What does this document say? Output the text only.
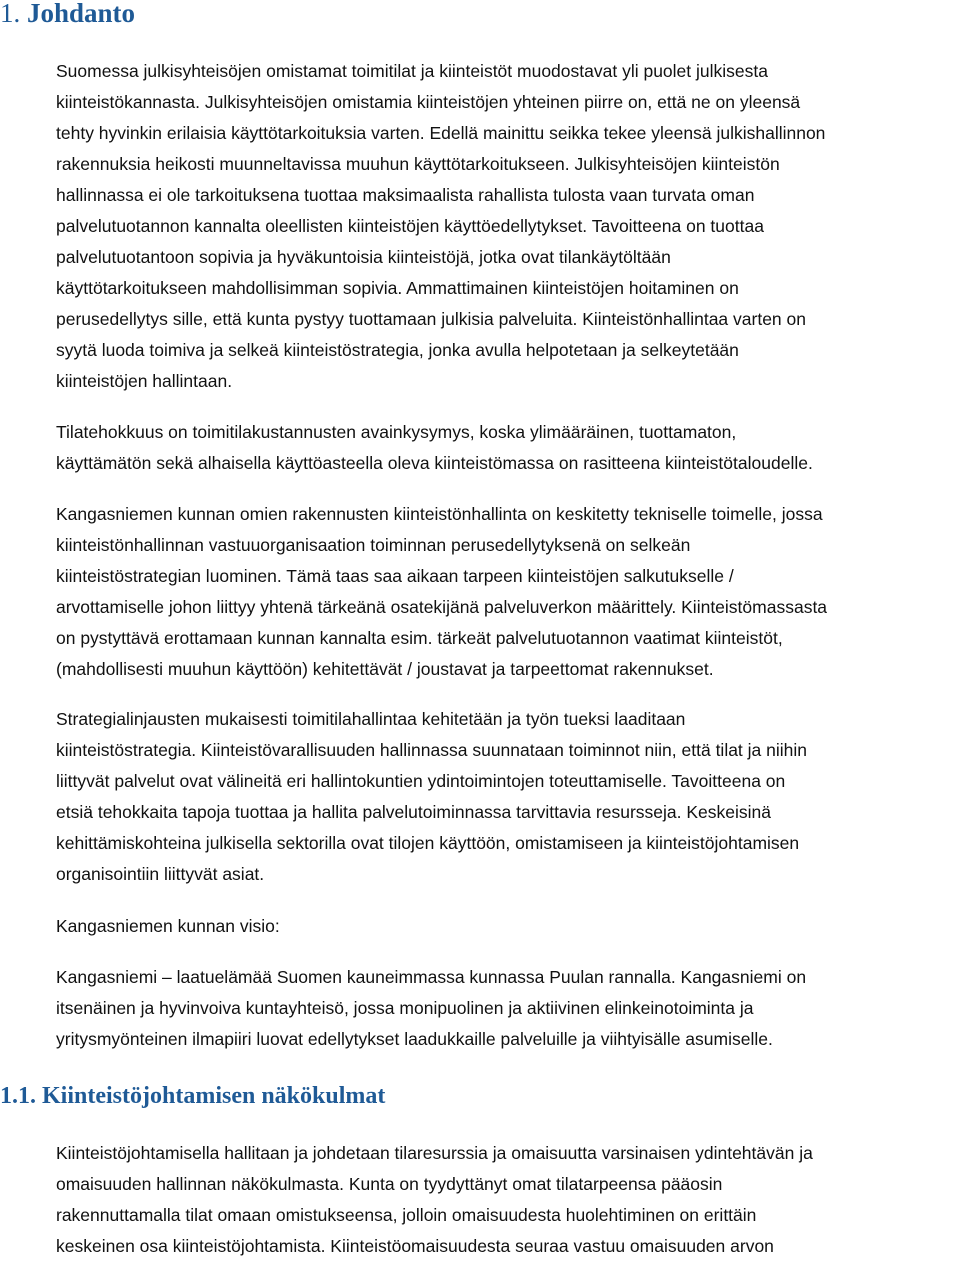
1. Johdanto
Suomessa julkisyhteisöjen omistamat toimitilat ja kiinteistöt muodostavat yli puolet julkisesta
kiinteistökannasta. Julkisyhteisöjen omistamia kiinteistöjen yhteinen piirre on, että ne on yleensä
tehty hyvinkin erilaisia käyttötarkoituksia varten. Edellä mainittu seikka tekee yleensä julkishallinnon
rakennuksia heikosti muunneltavissa muuhun käyttötarkoitukseen. Julkisyhteisöjen kiinteistön
hallinnassa ei ole tarkoituksena tuottaa maksimaalista rahallista tulosta vaan turvata oman
palvelutuotannon kannalta oleellisten kiinteistöjen käyttöedellytykset. Tavoitteena on tuottaa
palvelutuotantoon sopivia ja hyväkuntoisia kiinteistöjä, jotka ovat tilankäytöltään
käyttötarkoitukseen mahdollisimman sopivia. Ammattimainen kiinteistöjen hoitaminen on
perusedellytys sille, että kunta pystyy tuottamaan julkisia palveluita. Kiinteistönhallintaa varten on
syytä luoda toimiva ja selkeä kiinteistöstrategia, jonka avulla helpotetaan ja selkeytetään
kiinteistöjen hallintaan.
Tilatehokkuus on toimitilakustannusten avainkysymys, koska ylimääräinen, tuottamaton,
käyttämätön sekä alhaisella käyttöasteella oleva kiinteistömassa on rasitteena kiinteistötaloudelle.
Kangasniemen kunnan omien rakennusten kiinteistönhallinta on keskitetty tekniselle toimelle, jossa
kiinteistönhallinnan vastuuorganisaation toiminnan perusedellytyksenä on selkeän
kiinteistöstrategian luominen. Tämä taas saa aikaan tarpeen kiinteistöjen salkutukselle /
arvottamiselle johon liittyy yhtenä tärkeänä osatekijänä palveluverkon määrittely. Kiinteistömassasta
on pystyttävä erottamaan kunnan kannalta esim. tärkeät palvelutuotannon vaatimat kiinteistöt,
(mahdollisesti muuhun käyttöön) kehitettävät / joustavat ja tarpeettomat rakennukset.
Strategialinjausten mukaisesti toimitilahallintaa kehitetään ja työn tueksi laaditaan
kiinteistöstrategia. Kiinteistövarallisuuden hallinnassa suunnataan toiminnot niin, että tilat ja niihin
liittyvät palvelut ovat välineitä eri hallintokuntien ydintoimintojen toteuttamiselle. Tavoitteena on
etsiä tehokkaita tapoja tuottaa ja hallita palvelutoiminnassa tarvittavia resursseja. Keskeisinä
kehittämiskohteina julkisella sektorilla ovat tilojen käyttöön, omistamiseen ja kiinteistöjohtamisen
organisointiin liittyvät asiat.
Kangasniemen kunnan visio:
Kangasniemi – laatuelämää Suomen kauneimmassa kunnassa Puulan rannalla. Kangasniemi on
itsenäinen ja hyvinvoiva kuntayhteisö, jossa monipuolinen ja aktiivinen elinkeinotoiminta ja
yritysmyönteinen ilmapiiri luovat edellytykset laadukkaille palveluille ja viihtyisälle asumiselle.
1.1. Kiinteistöjohtamisen näkökulmat
Kiinteistöjohtamisella hallitaan ja johdetaan tilaresurssia ja omaisuutta varsinaisen ydintehtävän ja
omaisuuden hallinnan näkökulmasta. Kunta on tyydyttänyt omat tilatarpeensa pääosin
rakennuttamalla tilat omaan omistukseensa, jolloin omaisuudesta huolehtiminen on erittäin
keskeinen osa kiinteistöjohtamista. Kiinteistöomaisuudesta seuraa vastuu omaisuuden arvon
